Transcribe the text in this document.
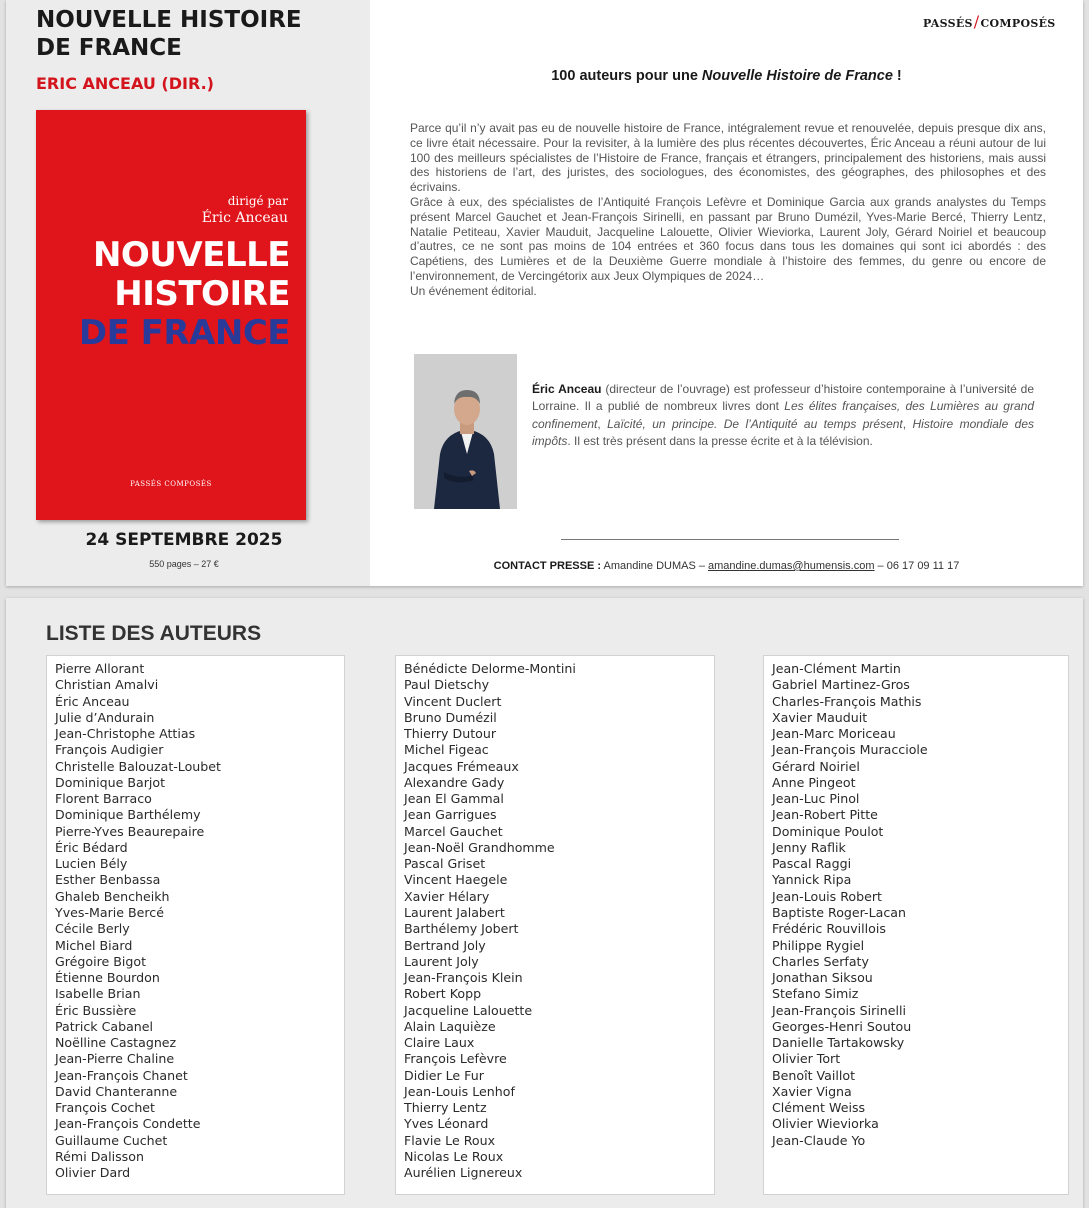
NOUVELLE HISTOIRE
DE FRANCE
ERIC ANCEAU (DIR.)
dirigé par
Éric Anceau
NOUVELLE
HISTOIRE
DE FRANCE
PASSÉS COMPOSÉS
24 SEPTEMBRE 2025
550 pages – 27 €
PASSÉS/COMPOSÉS
100 auteurs pour une Nouvelle Histoire de France !

Parce qu’il n’y avait pas eu de nouvelle histoire de France, intégralement revue et renouvelée, depuis presque dix ans, ce livre était nécessaire. Pour la revisiter, à la lumière des plus récentes découvertes, Éric Anceau a réuni autour de lui 100 des meilleurs spécialistes de l’Histoire de France, français et étrangers, principalement des historiens, mais aussi des historiens de l’art, des juristes, des sociologues, des économistes, des géographes, des philosophes et des écrivains.

Grâce à eux, des spécialistes de l’Antiquité François Lefèvre et Dominique Garcia aux grands analystes du Temps présent Marcel Gauchet et Jean-François Sirinelli, en passant par Bruno Dumézil, Yves-Marie Bercé, Thierry Lentz, Natalie Petiteau, Xavier Mauduit, Jacqueline Lalouette, Olivier Wieviorka, Laurent Joly, Gérard Noiriel et beaucoup d’autres, ce ne sont pas moins de 104 entrées et 360 focus dans tous les domaines qui sont ici abordés : des Capétiens, des Lumières et de la Deuxième Guerre mondiale à l’histoire des femmes, du genre ou encore de l’environnement, de Vercingétorix aux Jeux Olympiques de 2024…

Un événement éditorial.

Éric Anceau (directeur de l’ouvrage) est professeur d’histoire contemporaine à l’université de Lorraine. Il a publié de nombreux livres dont Les élites françaises, des Lumières au grand confinement, Laïcité, un principe. De l’Antiquité au temps présent, Histoire mondiale des impôts. Il est très présent dans la presse écrite et à la télévision.
CONTACT PRESSE : Amandine DUMAS – amandine.dumas@humensis.com – 06 17 09 11 17
LISTE DES AUTEURS
Pierre Allorant
Christian Amalvi
Éric Anceau
Julie d’Andurain
Jean-Christophe Attias
François Audigier
Christelle Balouzat-Loubet
Dominique Barjot
Florent Barraco
Dominique Barthélemy
Pierre-Yves Beaurepaire
Éric Bédard
Lucien Bély
Esther Benbassa
Ghaleb Bencheikh
Yves-Marie Bercé
Cécile Berly
Michel Biard
Grégoire Bigot
Étienne Bourdon
Isabelle Brian
Éric Bussière
Patrick Cabanel
Noëlline Castagnez
Jean-Pierre Chaline
Jean-François Chanet
David Chanteranne
François Cochet
Jean-François Condette
Guillaume Cuchet
Rémi Dalisson
Olivier Dard
Bénédicte Delorme-Montini
Paul Dietschy
Vincent Duclert
Bruno Dumézil
Thierry Dutour
Michel Figeac
Jacques Frémeaux
Alexandre Gady
Jean El Gammal
Jean Garrigues
Marcel Gauchet
Jean-Noël Grandhomme
Pascal Griset
Vincent Haegele
Xavier Hélary
Laurent Jalabert
Barthélemy Jobert
Bertrand Joly
Laurent Joly
Jean-François Klein
Robert Kopp
Jacqueline Lalouette
Alain Laquièze
Claire Laux
François Lefèvre
Didier Le Fur
Jean-Louis Lenhof
Thierry Lentz
Yves Léonard
Flavie Le Roux
Nicolas Le Roux
Aurélien Lignereux
Jean-Clément Martin
Gabriel Martinez-Gros
Charles-François Mathis
Xavier Mauduit
Jean-Marc Moriceau
Jean-François Muracciole
Gérard Noiriel
Anne Pingeot
Jean-Luc Pinol
Jean-Robert Pitte
Dominique Poulot
Jenny Raflik
Pascal Raggi
Yannick Ripa
Jean-Louis Robert
Baptiste Roger-Lacan
Frédéric Rouvillois
Philippe Rygiel
Charles Serfaty
Jonathan Siksou
Stefano Simiz
Jean-François Sirinelli
Georges-Henri Soutou
Danielle Tartakowsky
Olivier Tort
Benoît Vaillot
Xavier Vigna
Clément Weiss
Olivier Wieviorka
Jean-Claude Yo
